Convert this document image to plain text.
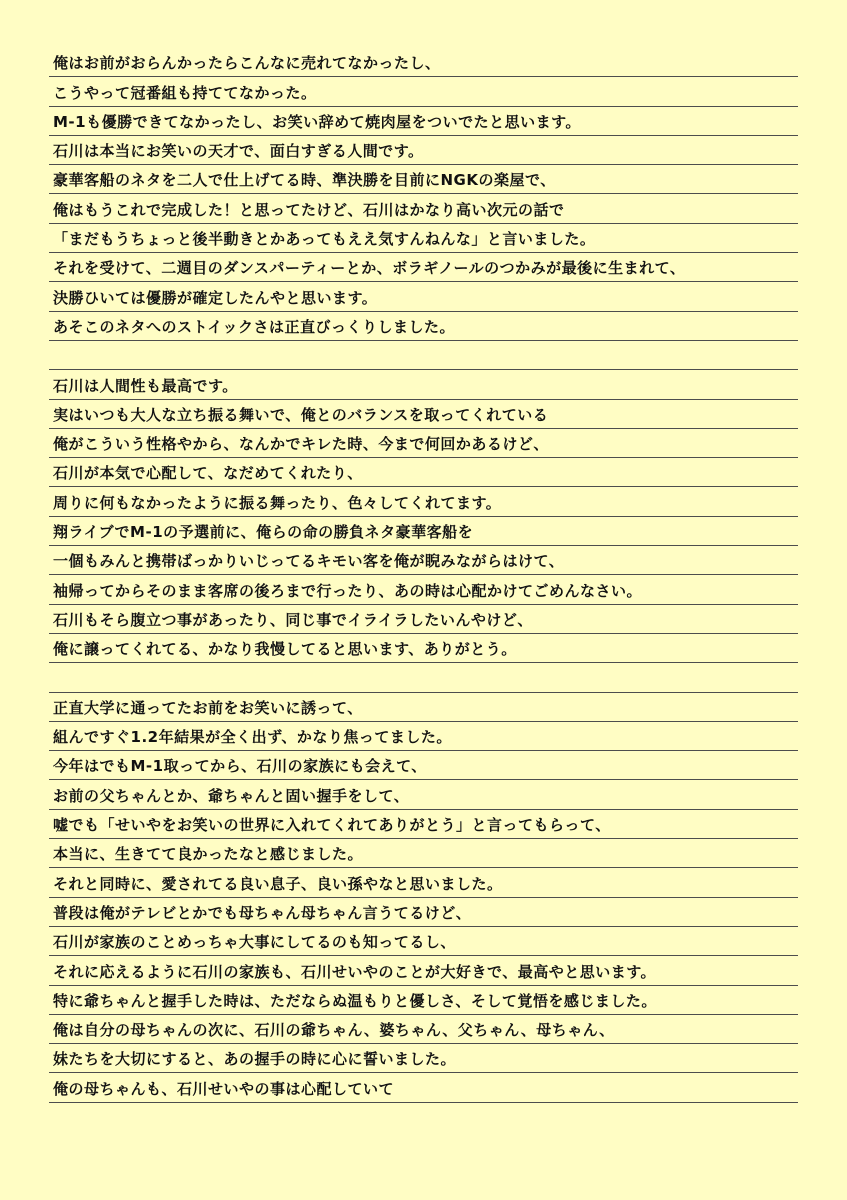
俺はお前がおらんかったらこんなに売れてなかったし、
こうやって冠番組も持ててなかった。
M-1も優勝できてなかったし、お笑い辞めて焼肉屋をついでたと思います。
石川は本当にお笑いの天才で、面白すぎる人間です。
豪華客船のネタを二人で仕上げてる時、準決勝を目前にNGKの楽屋で、
俺はもうこれで完成した！と思ってたけど、石川はかなり高い次元の話で
「まだもうちょっと後半動きとかあってもええ気すんねんな」と言いました。
それを受けて、二週目のダンスパーティーとか、ボラギノールのつかみが最後に生まれて、
決勝ひいては優勝が確定したんやと思います。
あそこのネタへのストイックさは正直びっくりしました。
石川は人間性も最高です。
実はいつも大人な立ち振る舞いで、俺とのバランスを取ってくれている
俺がこういう性格やから、なんかでキレた時、今まで何回かあるけど、
石川が本気で心配して、なだめてくれたり、
周りに何もなかったように振る舞ったり、色々してくれてます。
翔ライブでM-1の予選前に、俺らの命の勝負ネタ豪華客船を
一個もみんと携帯ばっかりいじってるキモい客を俺が睨みながらはけて、
袖帰ってからそのまま客席の後ろまで行ったり、あの時は心配かけてごめんなさい。
石川もそら腹立つ事があったり、同じ事でイライラしたいんやけど、
俺に譲ってくれてる、かなり我慢してると思います、ありがとう。
正直大学に通ってたお前をお笑いに誘って、
組んですぐ1.2年結果が全く出ず、かなり焦ってました。
今年はでもM-1取ってから、石川の家族にも会えて、
お前の父ちゃんとか、爺ちゃんと固い握手をして、
嘘でも「せいやをお笑いの世界に入れてくれてありがとう」と言ってもらって、
本当に、生きてて良かったなと感じました。
それと同時に、愛されてる良い息子、良い孫やなと思いました。
普段は俺がテレビとかでも母ちゃん母ちゃん言うてるけど、
石川が家族のことめっちゃ大事にしてるのも知ってるし、
それに応えるように石川の家族も、石川せいやのことが大好きで、最高やと思います。
特に爺ちゃんと握手した時は、ただならぬ温もりと優しさ、そして覚悟を感じました。
俺は自分の母ちゃんの次に、石川の爺ちゃん、婆ちゃん、父ちゃん、母ちゃん、
妹たちを大切にすると、あの握手の時に心に誓いました。
俺の母ちゃんも、石川せいやの事は心配していて
